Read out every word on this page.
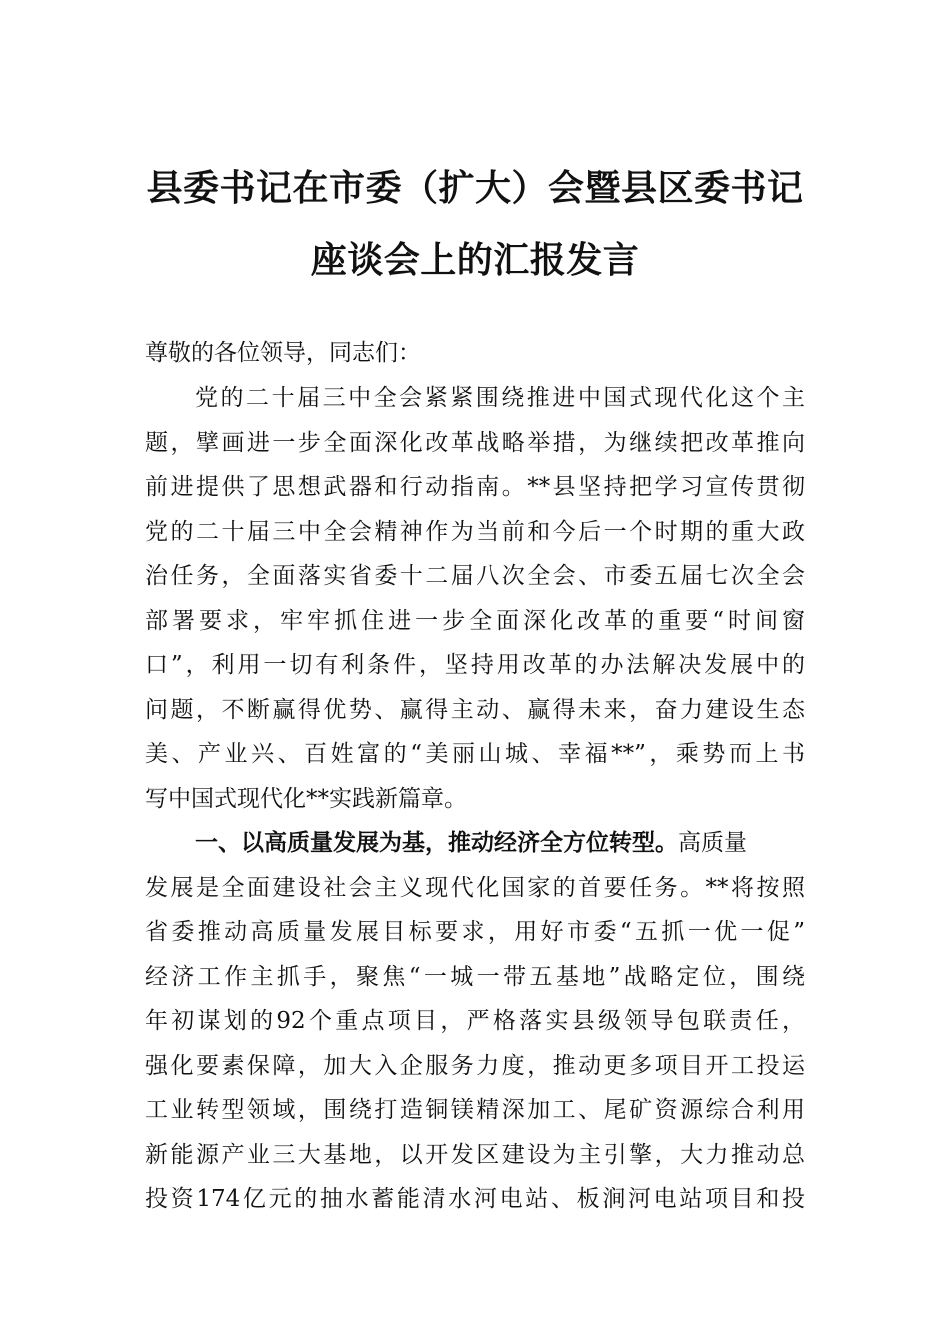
县委书记在市委（扩大）会暨县区委书记
座谈会上的汇报发言
尊敬的各位领导，同志们：
党的二十届三中全会紧紧围绕推进中国式现代化这个主
题，擘画进一步全面深化改革战略举措，为继续把改革推向
前进提供了思想武器和行动指南。**县坚持把学习宣传贯彻
党的二十届三中全会精神作为当前和今后一个时期的重大政
治任务，全面落实省委十二届八次全会、市委五届七次全会
部署要求，牢牢抓住进一步全面深化改革的重要“时间窗
口”，利用一切有利条件，坚持用改革的办法解决发展中的
问题，不断赢得优势、赢得主动、赢得未来，奋力建设生态
美、产业兴、百姓富的“美丽山城、幸福**”，乘势而上书
写中国式现代化**实践新篇章。
一、以高质量发展为基，推动经济全方位转型。高质量
发展是全面建设社会主义现代化国家的首要任务。**将按照
省委推动高质量发展目标要求，用好市委“五抓一优一促”
经济工作主抓手，聚焦“一城一带五基地”战略定位，围绕
年初谋划的92个重点项目，严格落实县级领导包联责任，
强化要素保障，加大入企服务力度，推动更多项目开工投运
工业转型领域，围绕打造铜镁精深加工、尾矿资源综合利用
新能源产业三大基地，以开发区建设为主引擎，大力推动总
投资174亿元的抽水蓄能清水河电站、板涧河电站项目和投
